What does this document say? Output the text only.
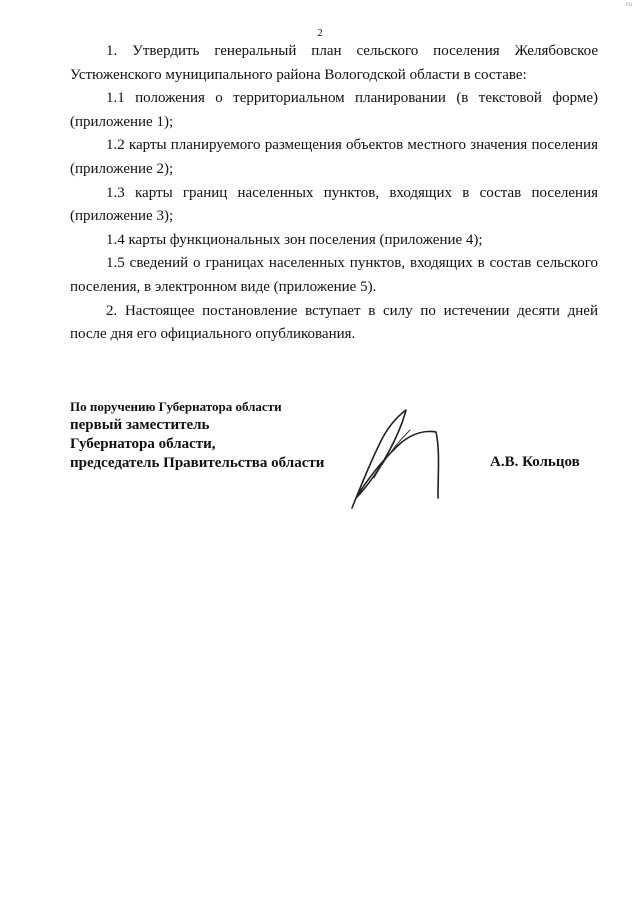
2
ru

1. Утвердить генеральный план сельского поселения Желябовское Устюженского муниципального района Вологодской области в составе:

1.1 положения о территориальном планировании (в текстовой форме) (приложение 1);

1.2 карты планируемого размещения объектов местного значения поселения (приложение 2);

1.3 карты границ населенных пунктов, входящих в состав поселения (приложение 3);

1.4 карты функциональных зон поселения (приложение 4);

1.5 сведений о границах населенных пунктов, входящих в состав сельского поселения, в электронном виде (приложение 5).

2. Настоящее постановление вступает в силу по истечении десяти дней после дня его официального опубликования.

По поручению Губернатора области
первый заместитель
Губернатора области,
председатель Правительства области	А.В. Кольцов
